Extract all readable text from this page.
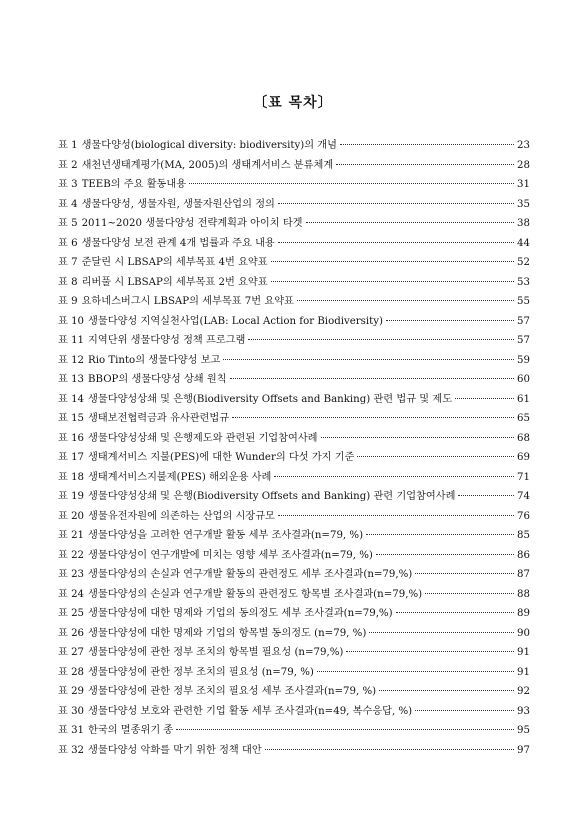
〔표 목차〕
표 1 생물다양성(biological diversity: biodiversity)의 개념	23
표 2 새천년생태계평가(MA, 2005)의 생태계서비스 분류체계	28
표 3 TEEB의 주요 활동내용	31
표 4 생물다양성, 생물자원, 생물자원산업의 정의	35
표 5 2011~2020 생물다양성 전략계획과 아이치 타겟	38
표 6 생물다양성 보전 관계 4개 법률과 주요 내용	44
표 7 준달린 시 LBSAP의 세부목표 4번 요약표	52
표 8 리버풀 시 LBSAP의 세부목표 2번 요약표	53
표 9 요하네스버그시 LBSAP의 세부목표 7번 요약표	55
표 10 생물다양성 지역실천사업(LAB: Local Action for Biodiversity)	57
표 11 지역단위 생물다양성 정책 프로그램	57
표 12 Rio Tinto의 생물다양성 보고	59
표 13 BBOP의 생물다양성 상쇄 원칙	60
표 14 생물다양성상쇄 및 은행(Biodiversity Offsets and Banking) 관련 법규 및 제도	61
표 15 생태보전협력금과 유사관련법규	65
표 16 생물다양성상쇄 및 은행제도와 관련된 기업참여사례	68
표 17 생태계서비스 지불(PES)에 대한 Wunder의 다섯 가지 기준	69
표 18 생태계서비스지불제(PES) 해외운용 사례	71
표 19 생물다양성상쇄 및 은행(Biodiversity Offsets and Banking) 관련 기업참여사례	74
표 20 생물유전자원에 의존하는 산업의 시장규모	76
표 21 생물다양성을 고려한 연구개발 활동 세부 조사결과(n=79, %)	85
표 22 생물다양성이 연구개발에 미치는 영향 세부 조사결과(n=79, %)	86
표 23 생물다양성의 손실과 연구개발 활동의 관련정도 세부 조사결과(n=79,%)	87
표 24 생물다양성의 손실과 연구개발 활동의 관련정도 항목별 조사결과(n=79,%)	88
표 25 생물다양성에 대한 명제와 기업의 동의정도 세부 조사결과(n=79,%)	89
표 26 생물다양성에 대한 명제와 기업의 항목별 동의정도 (n=79, %)	90
표 27 생물다양성에 관한 정부 조치의 항목별 필요성 (n=79,%)	91
표 28 생물다양성에 관한 정부 조치의 필요성 (n=79, %)	91
표 29 생물다양성에 관한 정부 조치의 필요성 세부 조사결과(n=79, %)	92
표 30 생물다양성 보호와 관련한 기업 활동 세부 조사결과(n=49, 복수응답, %)	93
표 31 한국의 멸종위기 종	95
표 32 생물다양성 악화를 막기 위한 정책 대안	97
